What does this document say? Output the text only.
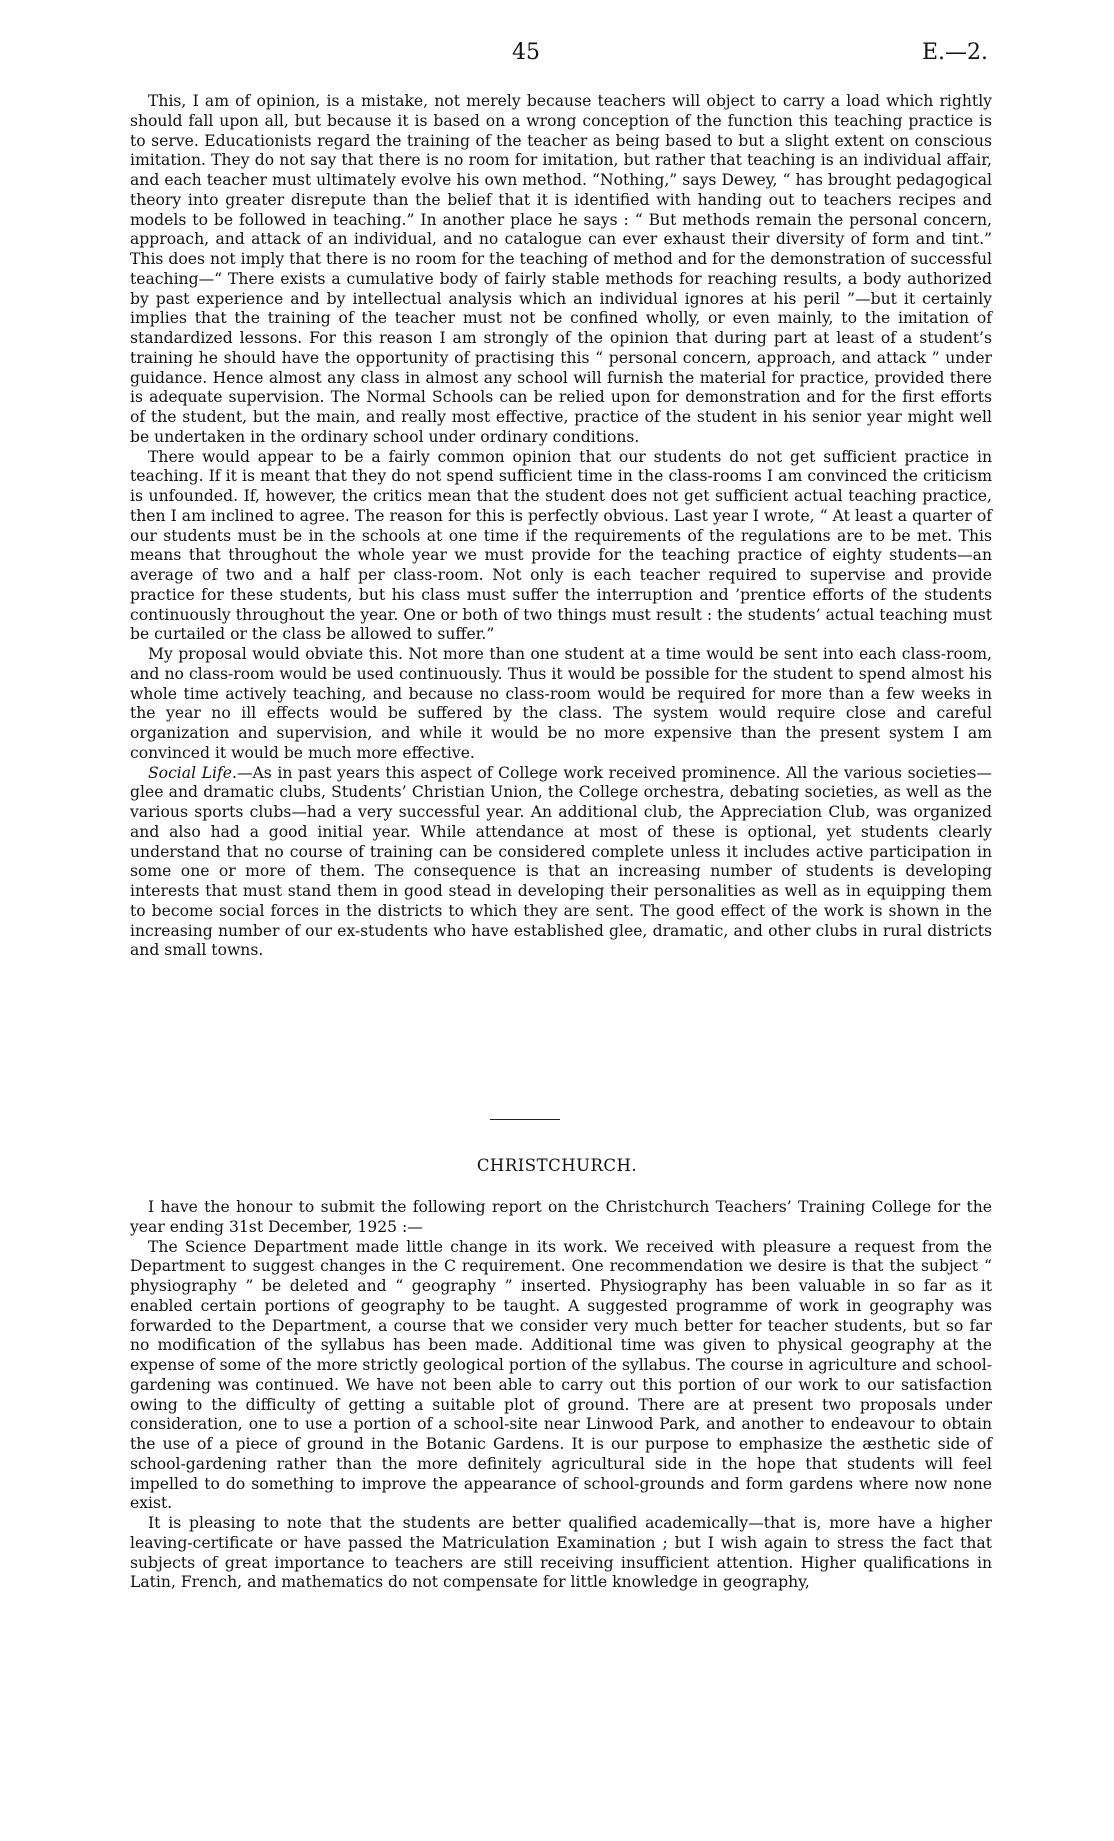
45	E.—2.

This, I am of opinion, is a mistake, not merely because teachers will object to carry a load which rightly should fall upon all, but because it is based on a wrong conception of the function this teaching practice is to serve. Educationists regard the training of the teacher as being based to but a slight extent on conscious imitation. They do not say that there is no room for imitation, but rather that teaching is an individual affair, and each teacher must ultimately evolve his own method. “Nothing,” says Dewey, “ has brought pedagogical theory into greater disrepute than the belief that it is identified with handing out to teachers recipes and models to be followed in teaching.” In another place he says : “ But methods remain the personal concern, approach, and attack of an individual, and no catalogue can ever exhaust their diversity of form and tint.” This does not imply that there is no room for the teaching of method and for the demonstration of successful teaching—“ There exists a cumulative body of fairly stable methods for reaching results, a body authorized by past experience and by intellectual analysis which an individual ignores at his peril ”—but it certainly implies that the training of the teacher must not be confined wholly, or even mainly, to the imitation of standardized lessons. For this reason I am strongly of the opinion that during part at least of a student’s training he should have the opportunity of practising this “ personal concern, approach, and attack ” under guidance. Hence almost any class in almost any school will furnish the material for practice, provided there is adequate supervision. The Normal Schools can be relied upon for demonstration and for the first efforts of the student, but the main, and really most effective, practice of the student in his senior year might well be undertaken in the ordinary school under ordinary conditions.

There would appear to be a fairly common opinion that our students do not get sufficient practice in teaching. If it is meant that they do not spend sufficient time in the class-rooms I am convinced the criticism is unfounded. If, however, the critics mean that the student does not get sufficient actual teaching practice, then I am inclined to agree. The reason for this is perfectly obvious. Last year I wrote, “ At least a quarter of our students must be in the schools at one time if the requirements of the regulations are to be met. This means that throughout the whole year we must provide for the teaching practice of eighty students—an average of two and a half per class-room. Not only is each teacher required to supervise and provide practice for these students, but his class must suffer the interruption and ’prentice efforts of the students continuously throughout the year. One or both of two things must result : the students’ actual teaching must be curtailed or the class be allowed to suffer.”

My proposal would obviate this. Not more than one student at a time would be sent into each class-room, and no class-room would be used continuously. Thus it would be possible for the student to spend almost his whole time actively teaching, and because no class-room would be required for more than a few weeks in the year no ill effects would be suffered by the class. The system would require close and careful organization and supervision, and while it would be no more expensive than the present system I am convinced it would be much more effective.

Social Life.—As in past years this aspect of College work received prominence. All the various societies—glee and dramatic clubs, Students’ Christian Union, the College orchestra, debating societies, as well as the various sports clubs—had a very successful year. An additional club, the Appreciation Club, was organized and also had a good initial year. While attendance at most of these is optional, yet students clearly understand that no course of training can be considered complete unless it includes active participation in some one or more of them. The consequence is that an increasing number of students is developing interests that must stand them in good stead in developing their personalities as well as in equipping them to become social forces in the districts to which they are sent. The good effect of the work is shown in the increasing number of our ex-students who have established glee, dramatic, and other clubs in rural districts and small towns.

CHRISTCHURCH.

I have the honour to submit the following report on the Christchurch Teachers’ Training College for the year ending 31st December, 1925 :—

The Science Department made little change in its work. We received with pleasure a request from the Department to suggest changes in the C requirement. One recommendation we desire is that the subject “ physiography ” be deleted and “ geography ” inserted. Physiography has been valuable in so far as it enabled certain portions of geography to be taught. A suggested programme of work in geography was forwarded to the Department, a course that we consider very much better for teacher students, but so far no modification of the syllabus has been made. Additional time was given to physical geography at the expense of some of the more strictly geological portion of the syllabus. The course in agriculture and school-gardening was continued. We have not been able to carry out this portion of our work to our satisfaction owing to the difficulty of getting a suitable plot of ground. There are at present two proposals under consideration, one to use a portion of a school-site near Linwood Park, and another to endeavour to obtain the use of a piece of ground in the Botanic Gardens. It is our purpose to emphasize the æsthetic side of school-gardening rather than the more definitely agricultural side in the hope that students will feel impelled to do something to improve the appearance of school-grounds and form gardens where now none exist.

It is pleasing to note that the students are better qualified academically—that is, more have a higher leaving-certificate or have passed the Matriculation Examination ; but I wish again to stress the fact that subjects of great importance to teachers are still receiving insufficient attention. Higher qualifications in Latin, French, and mathematics do not compensate for little knowledge in geography,
